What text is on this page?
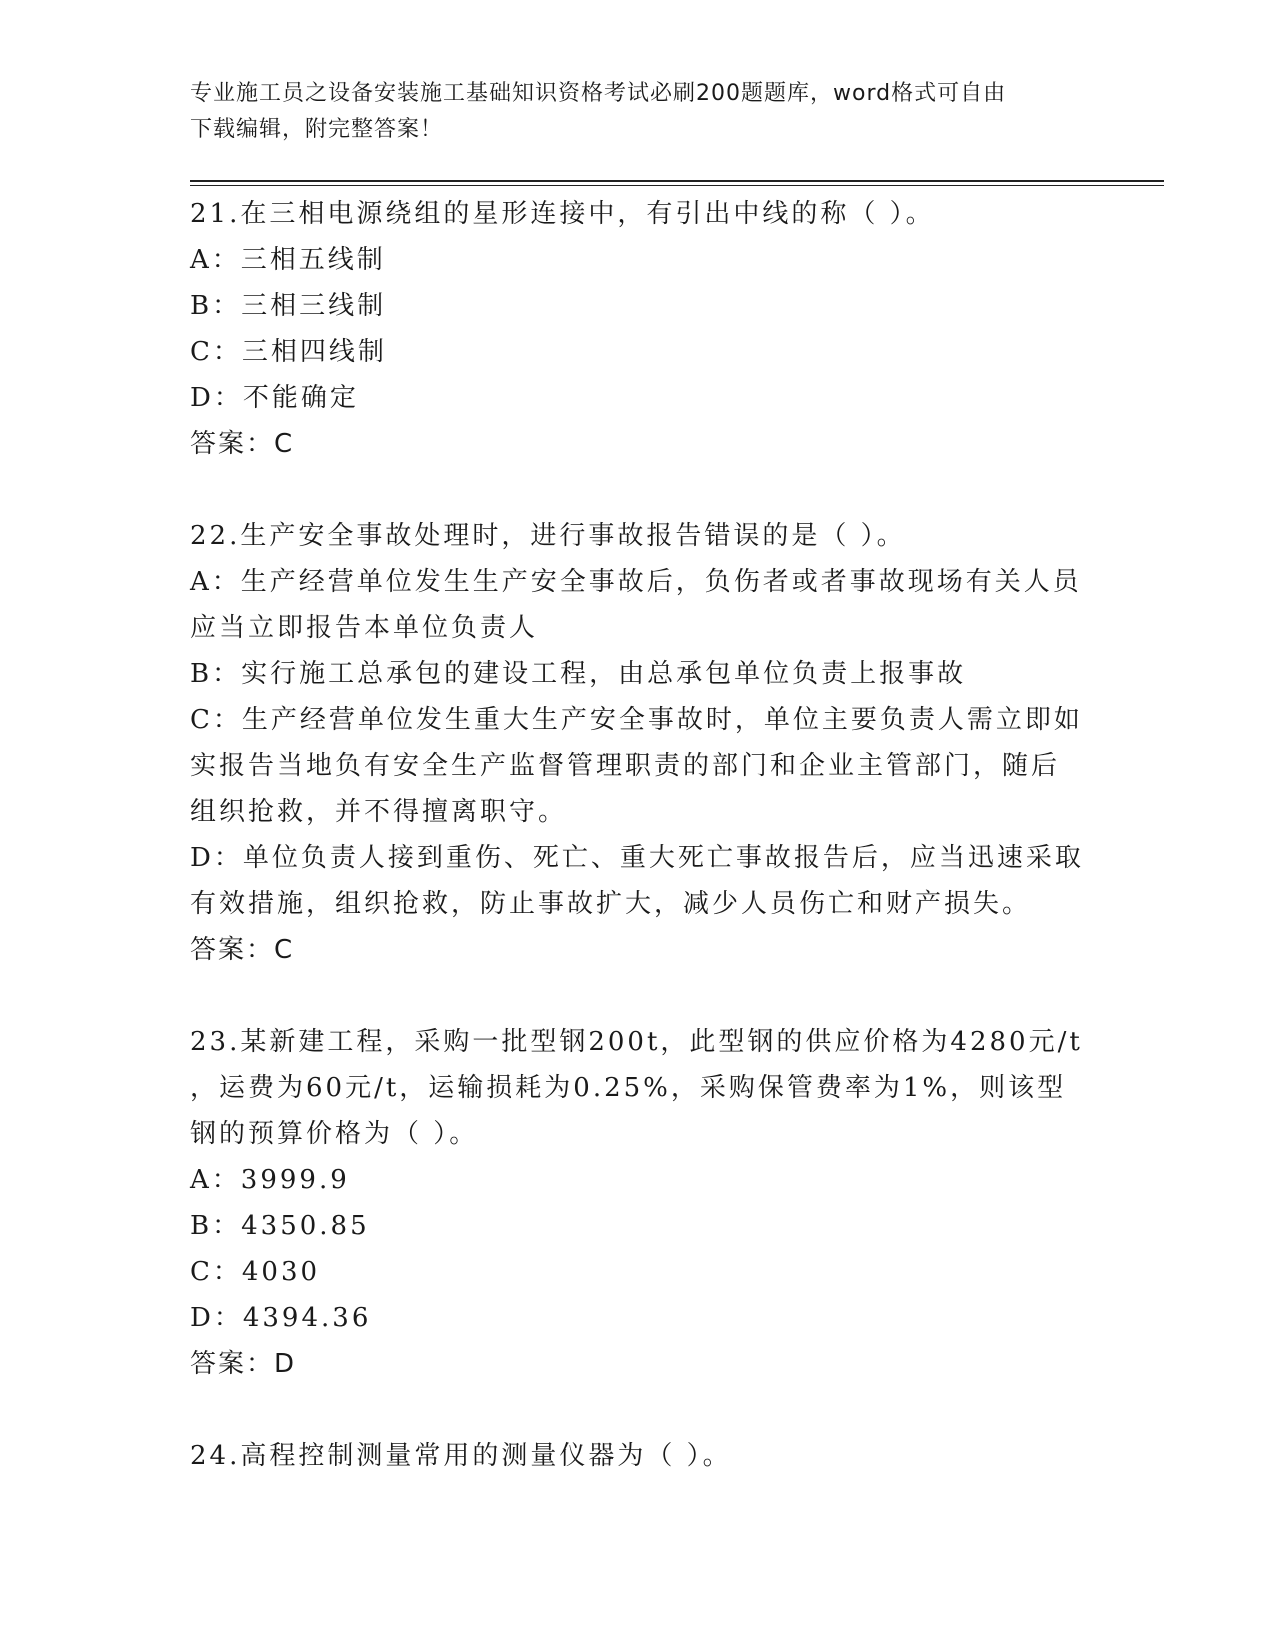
专业施工员之设备安装施工基础知识资格考试必刷200题题库，word格式可自由
下载编辑，附完整答案！
21.在三相电源绕组的星形连接中，有引出中线的称（ ）。
A：三相五线制
B：三相三线制
C：三相四线制
D：不能确定
答案：C
22.生产安全事故处理时，进行事故报告错误的是（ ）。
A：生产经营单位发生生产安全事故后，负伤者或者事故现场有关人员
应当立即报告本单位负责人
B：实行施工总承包的建设工程，由总承包单位负责上报事故
C：生产经营单位发生重大生产安全事故时，单位主要负责人需立即如
实报告当地负有安全生产监督管理职责的部门和企业主管部门，随后
组织抢救，并不得擅离职守。
D：单位负责人接到重伤、死亡、重大死亡事故报告后，应当迅速采取
有效措施，组织抢救，防止事故扩大，减少人员伤亡和财产损失。
答案：C
23.某新建工程，采购一批型钢200t，此型钢的供应价格为4280元/t
，运费为60元/t，运输损耗为0.25%，采购保管费率为1%，则该型
钢的预算价格为（ ）。
A：3999.9
B：4350.85
C：4030
D：4394.36
答案：D
24.高程控制测量常用的测量仪器为（ ）。
